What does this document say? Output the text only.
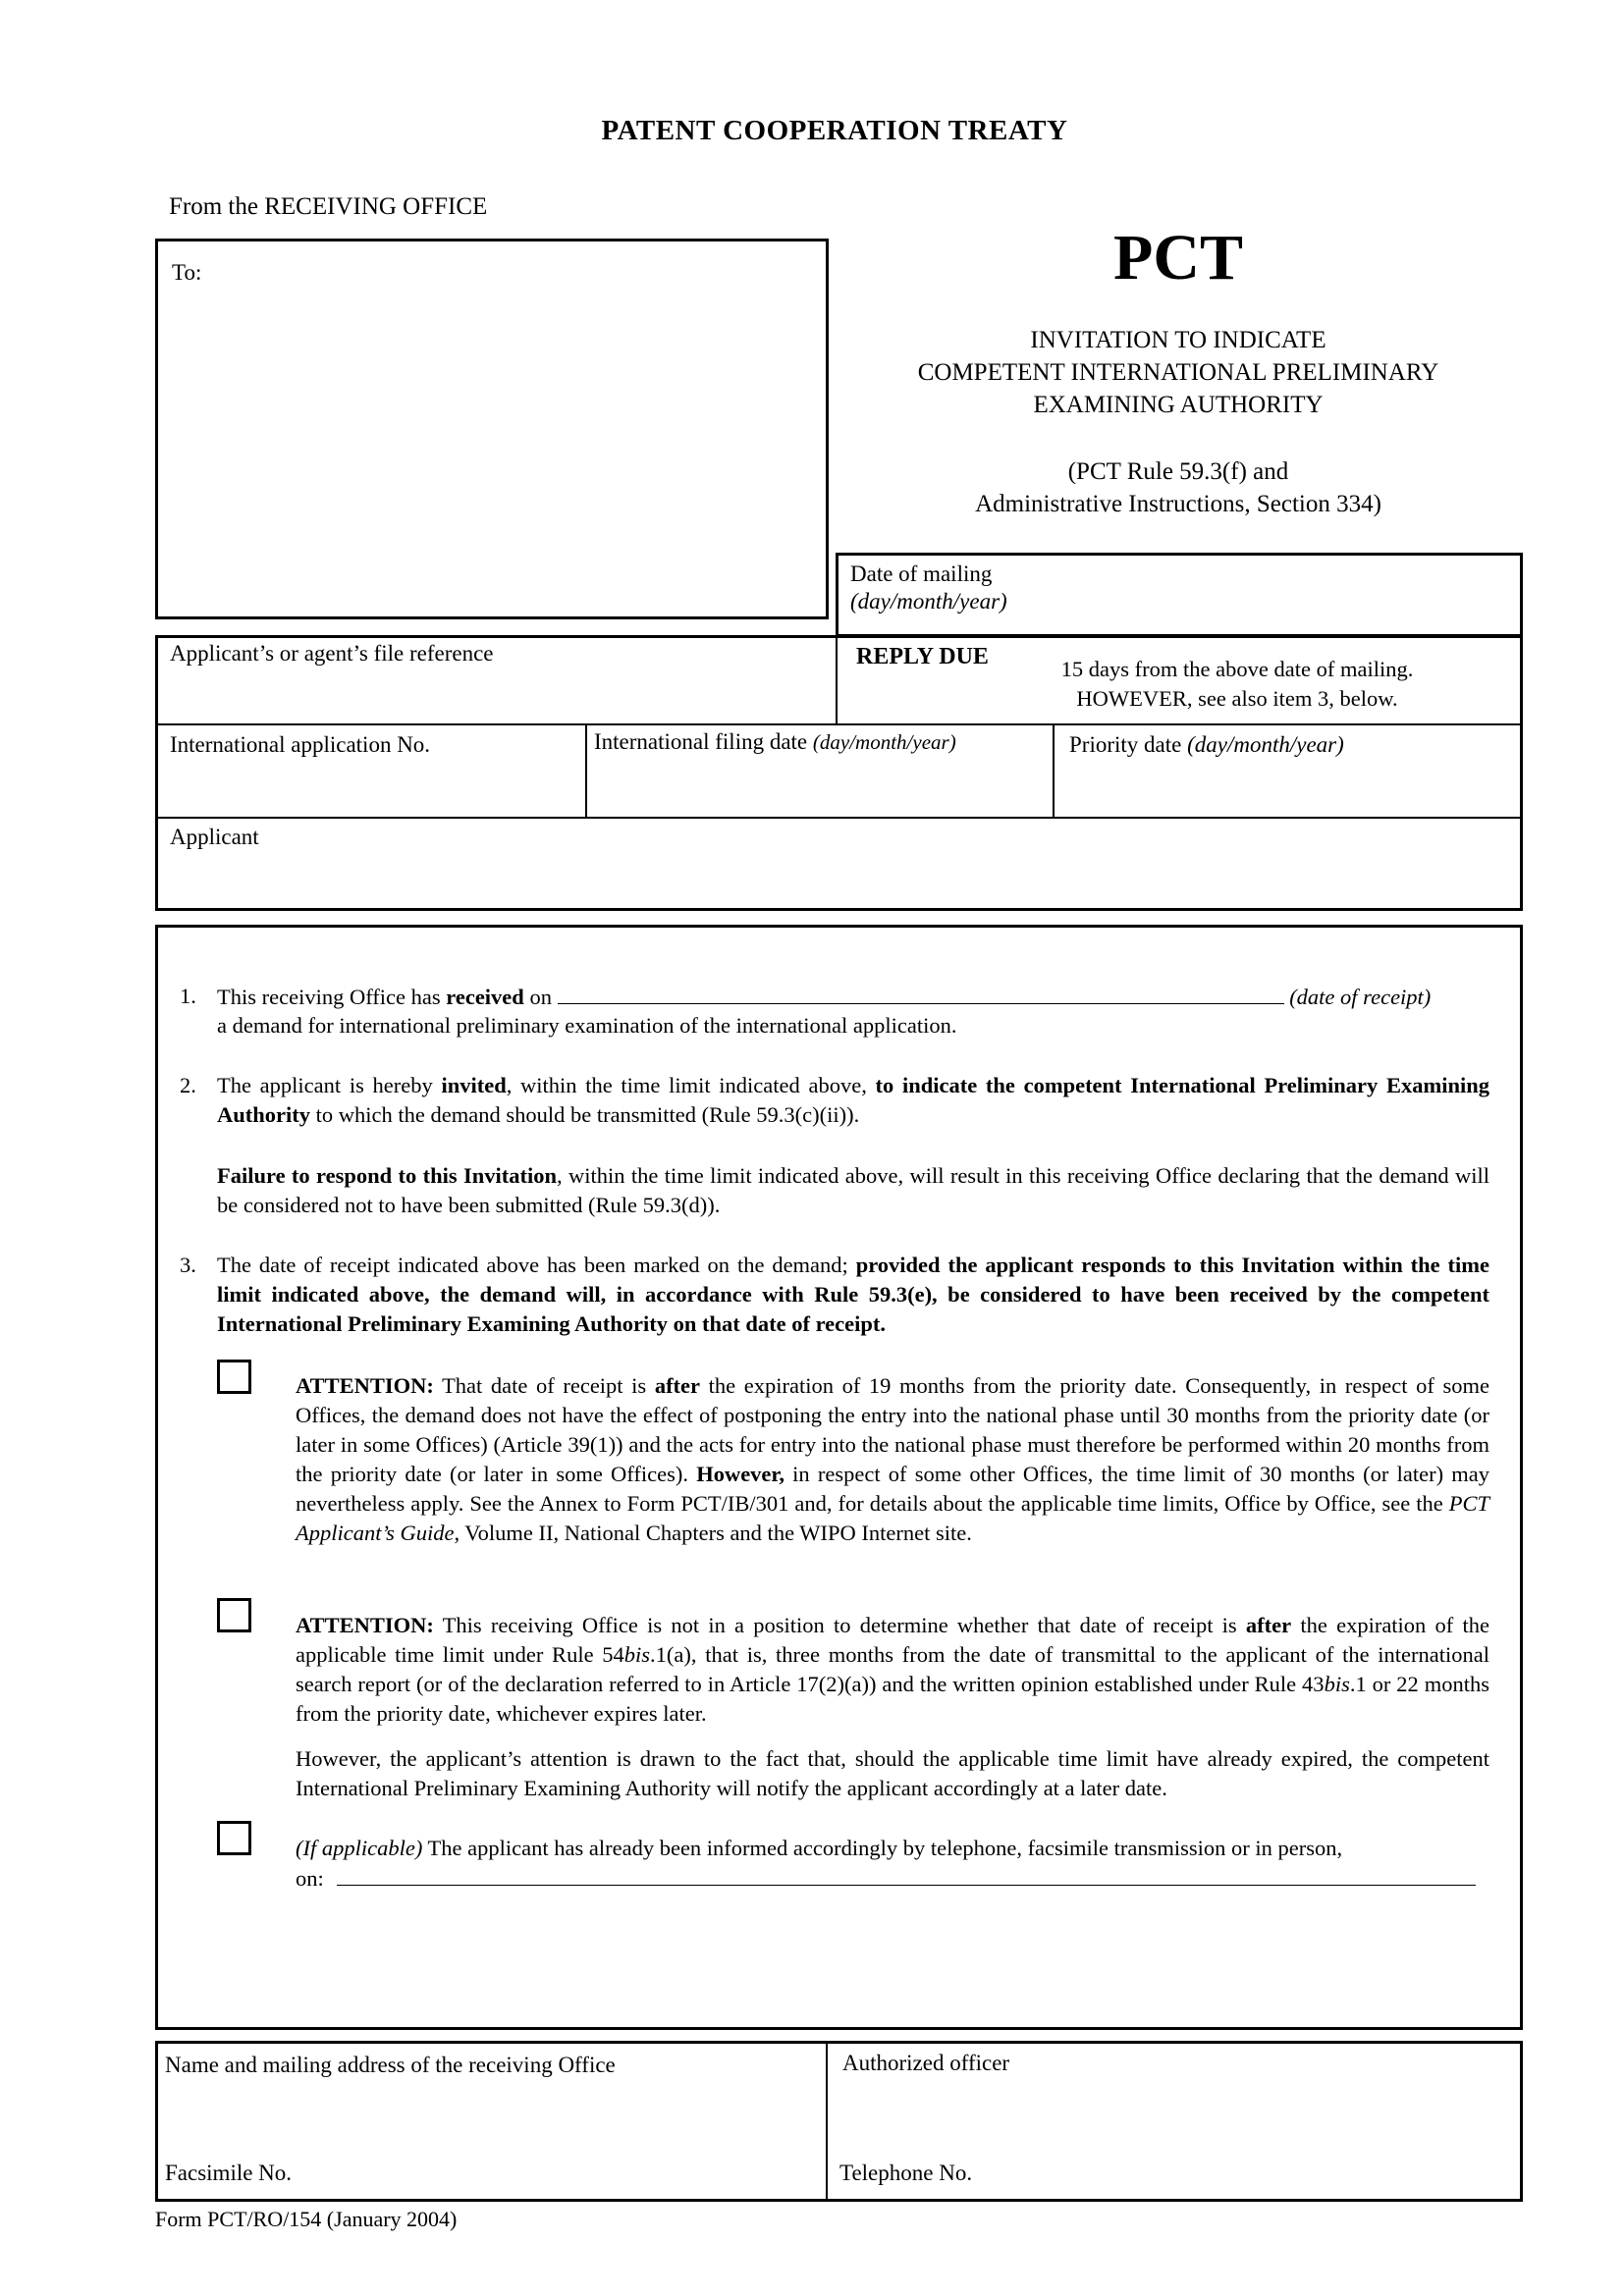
PATENT COOPERATION TREATY
From the RECEIVING OFFICE
To:	PCT
INVITATION TO INDICATE
COMPETENT INTERNATIONAL PRELIMINARY
EXAMINING AUTHORITY
(PCT Rule 59.3(f) and
Administrative Instructions, Section 334)
Date of mailing
(day/month/year)
Applicant’s or agent’s file reference	REPLY DUE	15 days from the above date of mailing.
HOWEVER, see also item 3, below.
International application No.	International filing date (day/month/year)	Priority date (day/month/year)
Applicant
1. This receiving Office has received on	(date of receipt)
a demand for international preliminary examination of the international application.
2. The applicant is hereby invited, within the time limit indicated above, to indicate the competent International Preliminary Examining Authority to which the demand should be transmitted (Rule 59.3(c)(ii)).
Failure to respond to this Invitation, within the time limit indicated above, will result in this receiving Office declaring that the demand will be considered not to have been submitted (Rule 59.3(d)).
3. The date of receipt indicated above has been marked on the demand; provided the applicant responds to this Invitation within the time limit indicated above, the demand will, in accordance with Rule 59.3(e), be considered to have been received by the competent International Preliminary Examining Authority on that date of receipt.
ATTENTION: That date of receipt is after the expiration of 19 months from the priority date. Consequently, in respect of some Offices, the demand does not have the effect of postponing the entry into the national phase until 30 months from the priority date (or later in some Offices) (Article 39(1)) and the acts for entry into the national phase must therefore be performed within 20 months from the priority date (or later in some Offices). However, in respect of some other Offices, the time limit of 30 months (or later) may nevertheless apply. See the Annex to Form PCT/IB/301 and, for details about the applicable time limits, Office by Office, see the PCT Applicant’s Guide, Volume II, National Chapters and the WIPO Internet site.
ATTENTION: This receiving Office is not in a position to determine whether that date of receipt is after the expiration of the applicable time limit under Rule 54bis.1(a), that is, three months from the date of transmittal to the applicant of the international search report (or of the declaration referred to in Article 17(2)(a)) and the written opinion established under Rule 43bis.1 or 22 months from the priority date, whichever expires later.
However, the applicant’s attention is drawn to the fact that, should the applicable time limit have already expired, the competent International Preliminary Examining Authority will notify the applicant accordingly at a later date.
(If applicable) The applicant has already been informed accordingly by telephone, facsimile transmission or in person,
on:
Name and mailing address of the receiving Office	Authorized officer
Facsimile No.	Telephone No.
Form PCT/RO/154 (January 2004)
